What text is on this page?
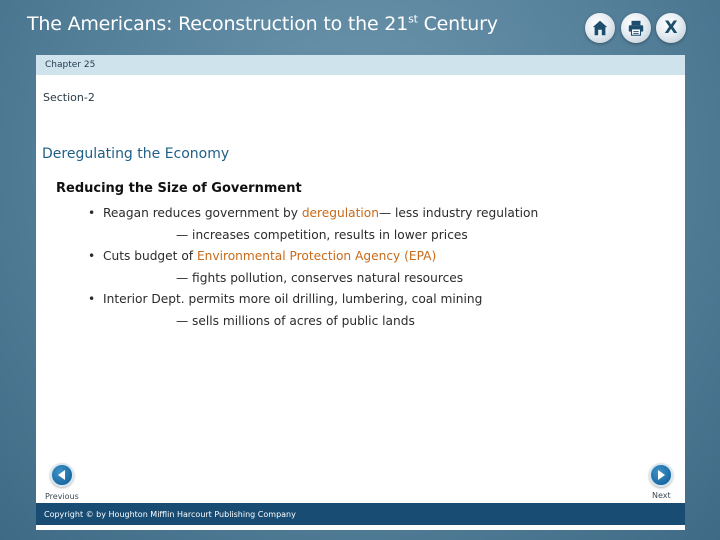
The Americans: Reconstruction to the 21st Century	X
Chapter 25
Section-2
Deregulating the Economy
Reducing the Size of Government
• Reagan reduces government by deregulation— less industry regulation
— increases competition, results in lower prices
• Cuts budget of Environmental Protection Agency (EPA)
— fights pollution, conserves natural resources
• Interior Dept. permits more oil drilling, lumbering, coal mining
— sells millions of acres of public lands
Previous	Next
Copyright © by Houghton Mifflin Harcourt Publishing Company
